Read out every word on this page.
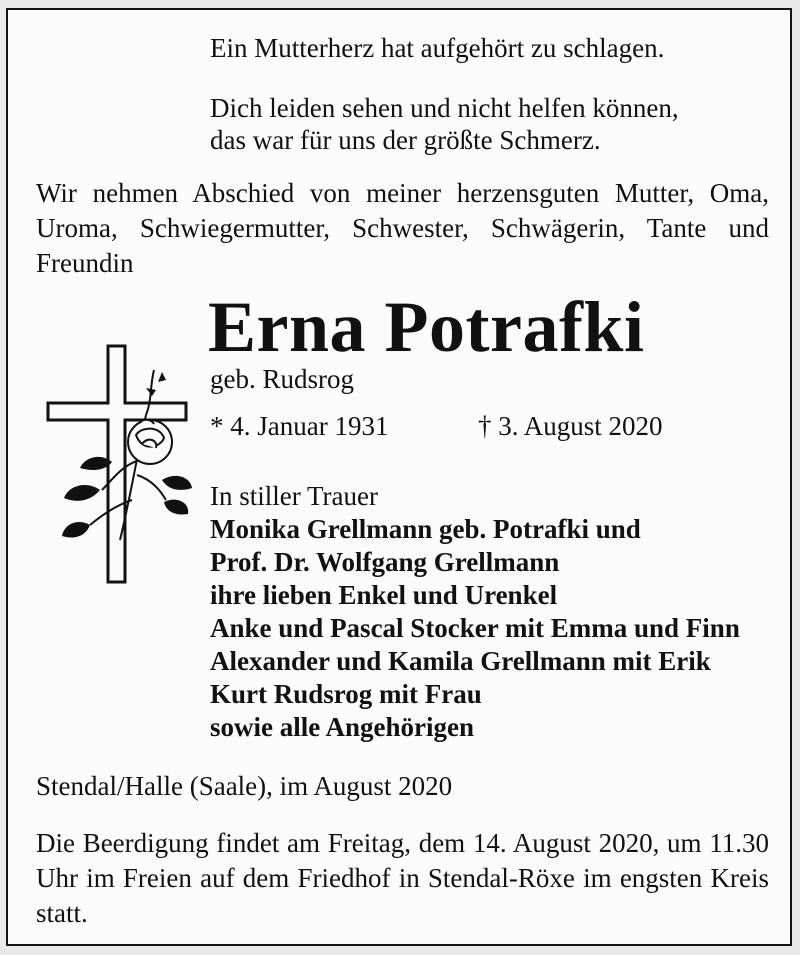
Ein Mutterherz hat aufgehört zu schlagen.
Dich leiden sehen und nicht helfen können,
das war für uns der größte Schmerz.
Wir nehmen Abschied von meiner herzensguten Mutter, Oma, Uroma, Schwiegermutter, Schwester, Schwägerin, Tante und Freundin
Erna Potrafki
geb. Rudsrog
* 4. Januar 1931	† 3. August 2020
In stiller Trauer
Monika Grellmann geb. Potrafki und
Prof. Dr. Wolfgang Grellmann
ihre lieben Enkel und Urenkel
Anke und Pascal Stocker mit Emma und Finn
Alexander und Kamila Grellmann mit Erik
Kurt Rudsrog mit Frau
sowie alle Angehörigen
Stendal/Halle (Saale), im August 2020
Die Beerdigung findet am Freitag, dem 14. August 2020, um 11.30 Uhr im Freien auf dem Friedhof in Stendal-Röxe im engsten Kreis statt.
